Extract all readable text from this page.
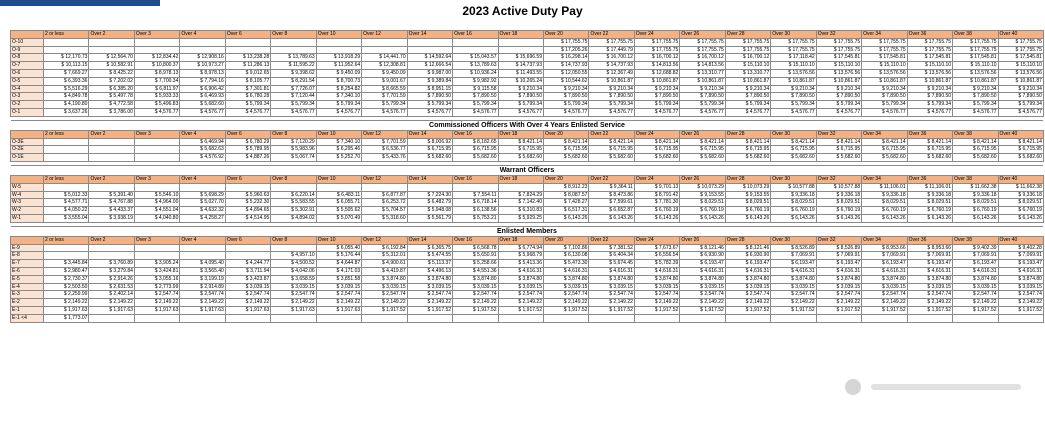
2023 Active Duty Pay
	2 or less	Over 2	Over 3	Over 4	Over 6	Over 8	Over 10	Over 12	Over 14	Over 16	Over 18	Over 20	Over 22	Over 24	Over 26	Over 28	Over 30	Over 32	Over 34	Over 36	Over 38	Over 40
O-10												$ 17,755.75	$ 17,755.75	$ 17,755.75	$ 17,755.75	$ 17,755.75	$ 17,755.75	$ 17,755.75	$ 17,755.75	$ 17,755.75	$ 17,755.75	$ 17,755.75
O-9												$ 17,205.26	$ 17,449.79	$ 17,755.75	$ 17,755.75	$ 17,755.75	$ 17,755.75	$ 17,755.75	$ 17,755.75	$ 17,755.75	$ 17,755.75	$ 17,755.75
O-8	$ 12,170.73	$ 12,564.70	$ 12,834.42	$ 12,908.16	$ 13,238.28	$ 13,789.63	$ 13,918.29	$ 14,441.70	$ 14,592.64	$ 15,043.57	$ 15,696.59	$ 16,298.14	$ 16,700.12	$ 16,700.12	$ 16,700.12	$ 16,700.12	$ 17,118.42	$ 17,545.81	$ 17,545.81	$ 17,545.81	$ 17,545.81	$ 17,545.81
O-7	$ 10,113.15	$ 10,582.91	$ 10,800.37	$ 10,973.27	$ 11,286.13	$ 11,595.22	$ 11,952.64	$ 12,308.81	$ 12,666.54	$ 13,789.63	$ 14,737.93	$ 14,737.93	$ 14,737.93	$ 14,813.56	$ 14,813.56	$ 15,110.10	$ 15,110.10	$ 15,110.10	$ 15,110.10	$ 15,110.10	$ 15,110.10	$ 15,110.10
O-6	$ 7,669.27	$ 8,425.22	$ 8,978.13	$ 8,978.13	$ 9,012.65	$ 9,398.62	$ 9,450.09	$ 9,450.09	$ 9,987.00	$ 10,936.24	$ 11,493.55	$ 12,050.55	$ 12,367.49	$ 12,688.82	$ 13,310.77	$ 13,310.77	$ 13,576.56	$ 13,576.56	$ 13,576.56	$ 13,576.56	$ 13,576.56	$ 13,576.56
O-5	$ 6,393.36	$ 7,202.02	$ 7,700.34	$ 7,794.16	$ 8,105.77	$ 8,291.54	$ 8,700.73	$ 9,001.67	$ 9,389.84	$ 9,982.92	$ 10,265.24	$ 10,544.62	$ 10,861.87	$ 10,861.87	$ 10,861.87	$ 10,861.87	$ 10,861.87	$ 10,861.87	$ 10,861.87	$ 10,861.87	$ 10,861.87	$ 10,861.87
O-4	$ 5,516.29	$ 6,385.20	$ 6,811.97	$ 6,906.42	$ 7,301.81	$ 7,726.07	$ 8,254.82	$ 8,665.59	$ 8,951.15	$ 9,115.58	$ 9,210.34	$ 9,210.34	$ 9,210.34	$ 9,210.34	$ 9,210.34	$ 9,210.34	$ 9,210.34	$ 9,210.34	$ 9,210.34	$ 9,210.34	$ 9,210.34	$ 9,210.34
O-3	$ 4,849.78	$ 5,497.78	$ 5,933.33	$ 6,469.93	$ 6,780.28	$ 7,120.44	$ 7,340.10	$ 7,701.59	$ 7,890.50	$ 7,890.50	$ 7,890.50	$ 7,890.50	$ 7,890.50	$ 7,890.50	$ 7,890.50	$ 7,890.50	$ 7,890.50	$ 7,890.50	$ 7,890.50	$ 7,890.50	$ 7,890.50	$ 7,890.50
O-2	$ 4,190.80	$ 4,772.58	$ 5,496.83	$ 5,682.60	$ 5,799.34	$ 5,799.34	$ 5,799.34	$ 5,799.34	$ 5,799.34	$ 5,799.34	$ 5,799.34	$ 5,799.34	$ 5,799.34	$ 5,799.34	$ 5,799.34	$ 5,799.34	$ 5,799.34	$ 5,799.34	$ 5,799.34	$ 5,799.34	$ 5,799.34	$ 5,799.34
O-1	$ 3,637.26	$ 3,786.00	$ 4,576.77	$ 4,576.77	$ 4,576.77	$ 4,576.77	$ 4,576.77	$ 4,576.77	$ 4,576.77	$ 4,576.77	$ 4,576.77	$ 4,576.77	$ 4,576.77	$ 4,576.77	$ 4,576.77	$ 4,576.77	$ 4,576.77	$ 4,576.77	$ 4,576.77	$ 4,576.77	$ 4,576.77	$ 4,576.77

Commissioned Officers With Over 4 Years Enlisted Service																						
	2 or less	Over 2	Over 3	Over 4	Over 6	Over 8	Over 10	Over 12	Over 14	Over 16	Over 18	Over 20	Over 22	Over 24	Over 26	Over 28	Over 30	Over 32	Over 34	Over 36	Over 38	Over 40
O-3E				$ 6,469.94	$ 6,780.29	$ 7,120.29	$ 7,340.10	$ 7,701.59	$ 8,006.92	$ 8,182.65	$ 8,421.14	$ 8,421.14	$ 8,421.14	$ 8,421.14	$ 8,421.14	$ 8,421.14	$ 8,421.14	$ 8,421.14	$ 8,421.14	$ 8,421.14	$ 8,421.14	$ 8,421.14
O-2E				$ 5,682.63	$ 5,789.95	$ 5,983.96	$ 6,295.46	$ 6,536.77	$ 6,715.95	$ 6,715.95	$ 6,715.95	$ 6,715.95	$ 6,715.95	$ 6,715.95	$ 6,715.95	$ 6,715.95	$ 6,715.95	$ 6,715.95	$ 6,715.95	$ 6,715.95	$ 6,715.95	$ 6,715.95
O-1E				$ 4,576.92	$ 4,887.26	$ 5,067.74	$ 5,252.70	$ 5,433.76	$ 5,682.60	$ 5,682.60	$ 5,682.60	$ 5,682.60	$ 5,682.60	$ 5,682.60	$ 5,682.60	$ 5,682.60	$ 5,682.60	$ 5,682.60	$ 5,682.60	$ 5,682.60	$ 5,682.60	$ 5,682.60

Warrant Officers																						
	2 or less	Over 2	Over 3	Over 4	Over 6	Over 8	Over 10	Over 12	Over 14	Over 16	Over 18	Over 20	Over 22	Over 24	Over 26	Over 28	Over 30	Over 32	Over 34	Over 36	Over 38	Over 40
W-5												$ 8,912.23	$ 9,364.11	$ 9,701.13	$ 10,073.29	$ 10,073.29	$ 10,577.88	$ 10,577.88	$ 11,106.01	$ 11,106.01	$ 11,662.38	$ 11,662.38
W-4	$ 5,012.33	$ 5,391.40	$ 5,546.10	$ 5,698.29	$ 5,960.63	$ 6,220.14	$ 6,483.11	$ 6,877.87	$ 7,224.30	$ 7,554.11	$ 7,824.29	$ 8,087.57	$ 8,473.86	$ 8,791.42	$ 9,153.55	$ 9,153.55	$ 9,336.18	$ 9,336.18	$ 9,336.18	$ 9,336.18	$ 9,336.18	$ 9,336.18
W-3	$ 4,577.71	$ 4,767.88	$ 4,964.00	$ 5,027.70	$ 5,232.30	$ 5,583.55	$ 6,055.71	$ 6,253.72	$ 6,482.79	$ 6,718.14	$ 7,142.40	$ 7,428.27	$ 7,599.61	$ 7,781.30	$ 8,029.51	$ 8,029.51	$ 8,029.51	$ 8,029.51	$ 8,029.51	$ 8,029.51	$ 8,029.51	$ 8,029.51
W-2	$ 4,050.22	$ 4,433.37	$ 4,551.04	$ 4,632.32	$ 4,894.65	$ 5,302.91	$ 5,505.62	$ 5,704.57	$ 5,948.08	$ 6,138.56	$ 6,310.83	$ 6,517.31	$ 6,652.87	$ 6,760.19	$ 6,760.19	$ 6,760.19	$ 6,760.19	$ 6,760.19	$ 6,760.19	$ 6,760.19	$ 6,760.19	$ 6,760.19
W-1	$ 3,555.04	$ 3,938.19	$ 4,040.80	$ 4,258.27	$ 4,514.95	$ 4,894.02	$ 5,070.49	$ 5,318.60	$ 5,561.79	$ 5,753.21	$ 5,929.25	$ 6,143.26	$ 6,143.26	$ 6,143.26	$ 6,143.26	$ 6,143.26	$ 6,143.26	$ 6,143.26	$ 6,143.26	$ 6,143.26	$ 6,143.26	$ 6,143.26

Enlisted Members																						
	2 or less	Over 2	Over 3	Over 4	Over 6	Over 8	Over 10	Over 12	Over 14	Over 16	Over 18	Over 20	Over 22	Over 24	Over 26	Over 28	Over 30	Over 32	Over 34	Over 36	Over 38	Over 40
E-9							$ 6,055.40	$ 6,192.84	$ 6,365.75	$ 6,568.78	$ 6,774.94	$ 7,102.86	$ 7,381.52	$ 7,673.67	$ 8,121.46	$ 8,121.46	$ 8,526.89	$ 8,526.89	$ 8,953.66	$ 8,953.66	$ 9,402.39	$ 9,402.28
E-8						$ 4,957.10	$ 5,176.44	$ 5,312.01	$ 5,474.55	$ 5,650.91	$ 5,968.79	$ 6,130.08	$ 6,404.34	$ 6,556.54	$ 6,930.90	$ 6,930.90	$ 7,069.91	$ 7,069.91	$ 7,069.91	$ 7,069.91	$ 7,069.91	$ 7,069.91
E-7	$ 3,445.84	$ 3,760.89	$ 3,905.24	$ 4,095.40	$ 4,244.77	$ 4,500.52	$ 4,644.87	$ 4,900.61	$ 5,113.37	$ 5,258.66	$ 5,413.36	$ 5,473.30	$ 5,674.45	$ 5,782.39	$ 6,193.47	$ 6,193.47	$ 6,193.47	$ 6,193.47	$ 6,193.47	$ 6,193.47	$ 6,193.47	$ 6,193.47
E-6	$ 2,980.47	$ 3,279.84	$ 3,424.81	$ 3,565.40	$ 3,711.94	$ 4,042.06	$ 4,171.03	$ 4,419.87	$ 4,496.13	$ 4,551.36	$ 4,616.31	$ 4,616.31	$ 4,616.31	$ 4,616.31	$ 4,616.31	$ 4,616.31	$ 4,616.31	$ 4,616.31	$ 4,616.31	$ 4,616.31	$ 4,616.31	$ 4,616.31
E-5	$ 2,730.37	$ 2,914.26	$ 3,055.16	$ 3,199.19	$ 3,423.87	$ 3,658.59	$ 3,851.58	$ 3,874.80	$ 3,874.80	$ 3,874.80	$ 3,874.80	$ 3,874.80	$ 3,874.80	$ 3,874.80	$ 3,874.80	$ 3,874.80	$ 3,874.80	$ 3,874.80	$ 3,874.80	$ 3,874.80	$ 3,874.80	$ 3,874.80
E-4	$ 2,503.50	$ 2,631.53	$ 2,773.99	$ 2,914.89	$ 3,039.15	$ 3,039.15	$ 3,039.15	$ 3,039.15	$ 3,039.15	$ 3,039.15	$ 3,039.15	$ 3,039.15	$ 3,039.15	$ 3,039.15	$ 3,039.15	$ 3,039.15	$ 3,039.15	$ 3,039.15	$ 3,039.15	$ 3,039.15	$ 3,039.15	$ 3,039.15
E-3	$ 2,259.99	$ 2,402.14	$ 2,547.74	$ 2,547.74	$ 2,547.74	$ 2,547.74	$ 2,547.74	$ 2,547.74	$ 2,547.74	$ 2,547.74	$ 2,547.74	$ 2,547.74	$ 2,547.74	$ 2,547.74	$ 2,547.74	$ 2,547.74	$ 2,547.74	$ 2,547.74	$ 2,547.74	$ 2,547.74	$ 2,547.74	$ 2,547.74
E-2	$ 2,149.22	$ 2,149.22	$ 2,149.22	$ 2,149.22	$ 2,149.22	$ 2,149.22	$ 2,149.22	$ 2,149.22	$ 2,149.22	$ 2,149.22	$ 2,149.22	$ 2,149.22	$ 2,149.22	$ 2,149.22	$ 2,149.22	$ 2,149.22	$ 2,149.22	$ 2,149.22	$ 2,149.22	$ 2,149.22	$ 2,149.22	$ 2,149.22
E-1	$ 1,917.63	$ 1,917.63	$ 1,917.63	$ 1,917.63	$ 1,917.63	$ 1,917.63	$ 1,917.63	$ 1,917.52	$ 1,917.52	$ 1,917.52	$ 1,917.52	$ 1,917.52	$ 1,917.52	$ 1,917.52	$ 1,917.52	$ 1,917.52	$ 1,917.52	$ 1,917.52	$ 1,917.52	$ 1,917.52	$ 1,917.52	$ 1,917.52
E-1 <4	$ 1,773.07																					
